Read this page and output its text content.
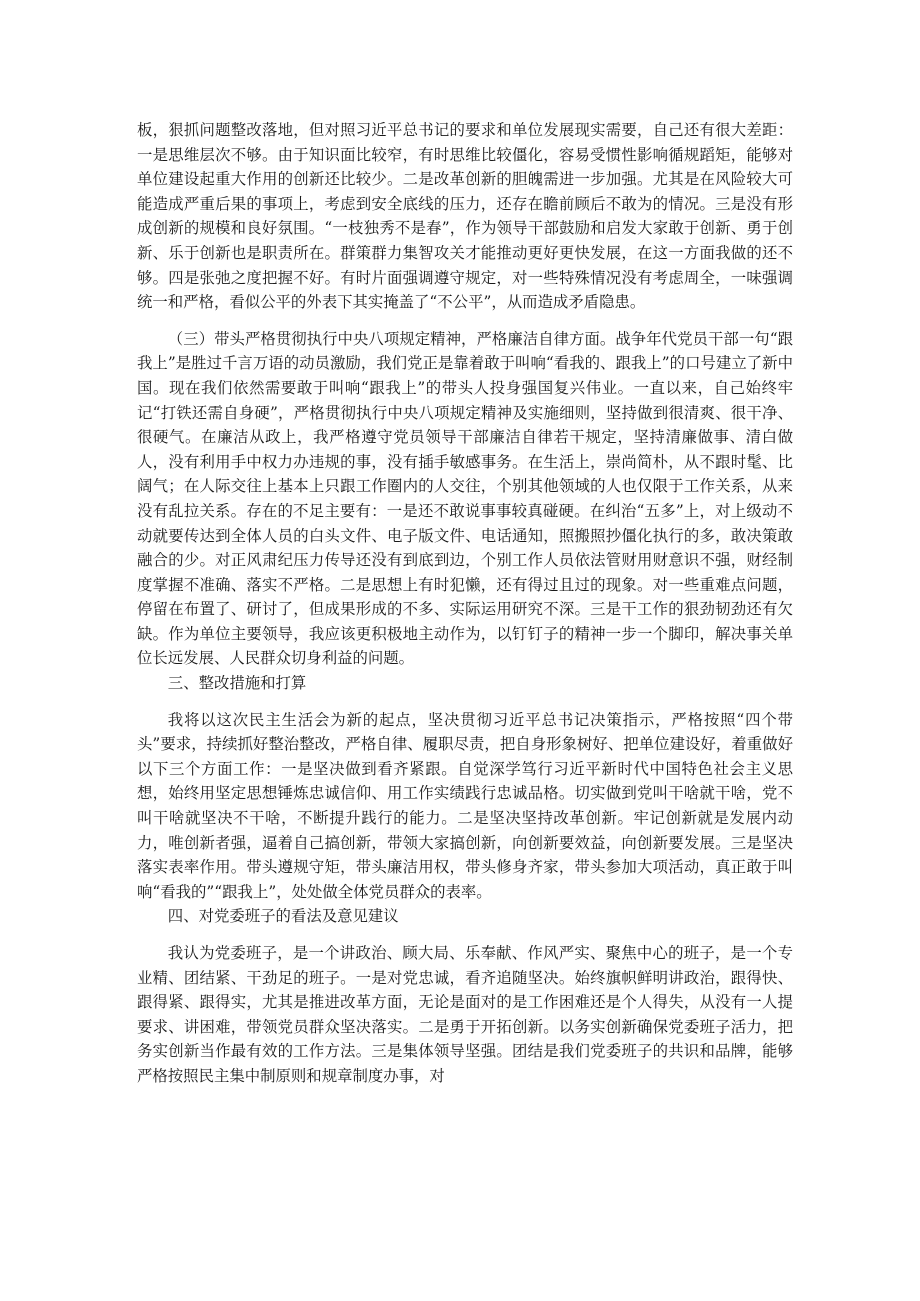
板，狠抓问题整改落地，但对照习近平总书记的要求和单位发展现实需要，自己还有很大差距：一是思维层次不够。由于知识面比较窄，有时思维比较僵化，容易受惯性影响循规蹈矩，能够对单位建设起重大作用的创新还比较少。二是改革创新的胆魄需进一步加强。尤其是在风险较大可能造成严重后果的事项上，考虑到安全底线的压力，还存在瞻前顾后不敢为的情况。三是没有形成创新的规模和良好氛围。“一枝独秀不是春”，作为领导干部鼓励和启发大家敢于创新、勇于创新、乐于创新也是职责所在。群策群力集智攻关才能推动更好更快发展，在这一方面我做的还不够。四是张弛之度把握不好。有时片面强调遵守规定，对一些特殊情况没有考虑周全，一味强调统一和严格，看似公平的外表下其实掩盖了“不公平”，从而造成矛盾隐患。

（三）带头严格贯彻执行中央八项规定精神，严格廉洁自律方面。战争年代党员干部一句“跟我上”是胜过千言万语的动员激励，我们党正是靠着敢于叫响“看我的、跟我上”的口号建立了新中国。现在我们依然需要敢于叫响“跟我上”的带头人投身强国复兴伟业。一直以来，自己始终牢记“打铁还需自身硬”，严格贯彻执行中央八项规定精神及实施细则，坚持做到很清爽、很干净、很硬气。在廉洁从政上，我严格遵守党员领导干部廉洁自律若干规定，坚持清廉做事、清白做人，没有利用手中权力办违规的事，没有插手敏感事务。在生活上，崇尚简朴，从不跟时髦、比阔气；在人际交往上基本上只跟工作圈内的人交往，个别其他领域的人也仅限于工作关系，从来没有乱拉关系。存在的不足主要有：一是还不敢说事事较真碰硬。在纠治“五多”上，对上级动不动就要传达到全体人员的白头文件、电子版文件、电话通知，照搬照抄僵化执行的多，敢决策敢融合的少。对正风肃纪压力传导还没有到底到边，个别工作人员依法管财用财意识不强，财经制度掌握不准确、落实不严格。二是思想上有时犯懒，还有得过且过的现象。对一些重难点问题，停留在布置了、研讨了，但成果形成的不多、实际运用研究不深。三是干工作的狠劲韧劲还有欠缺。作为单位主要领导，我应该更积极地主动作为，以钉钉子的精神一步一个脚印，解决事关单位长远发展、人民群众切身利益的问题。

三、整改措施和打算

我将以这次民主生活会为新的起点，坚决贯彻习近平总书记决策指示，严格按照“四个带头”要求，持续抓好整治整改，严格自律、履职尽责，把自身形象树好、把单位建设好，着重做好以下三个方面工作：一是坚决做到看齐紧跟。自觉深学笃行习近平新时代中国特色社会主义思想，始终用坚定思想锤炼忠诚信仰、用工作实绩践行忠诚品格。切实做到党叫干啥就干啥，党不叫干啥就坚决不干啥，不断提升践行的能力。二是坚决坚持改革创新。牢记创新就是发展内动力，唯创新者强，逼着自己搞创新，带领大家搞创新，向创新要效益，向创新要发展。三是坚决落实表率作用。带头遵规守矩，带头廉洁用权，带头修身齐家，带头参加大项活动，真正敢于叫响“看我的”“跟我上”，处处做全体党员群众的表率。

四、对党委班子的看法及意见建议

我认为党委班子，是一个讲政治、顾大局、乐奉献、作风严实、聚焦中心的班子，是一个专业精、团结紧、干劲足的班子。一是对党忠诚，看齐追随坚决。始终旗帜鲜明讲政治，跟得快、跟得紧、跟得实，尤其是推进改革方面，无论是面对的是工作困难还是个人得失，从没有一人提要求、讲困难，带领党员群众坚决落实。二是勇于开拓创新。以务实创新确保党委班子活力，把务实创新当作最有效的工作方法。三是集体领导坚强。团结是我们党委班子的共识和品牌，能够严格按照民主集中制原则和规章制度办事，对
